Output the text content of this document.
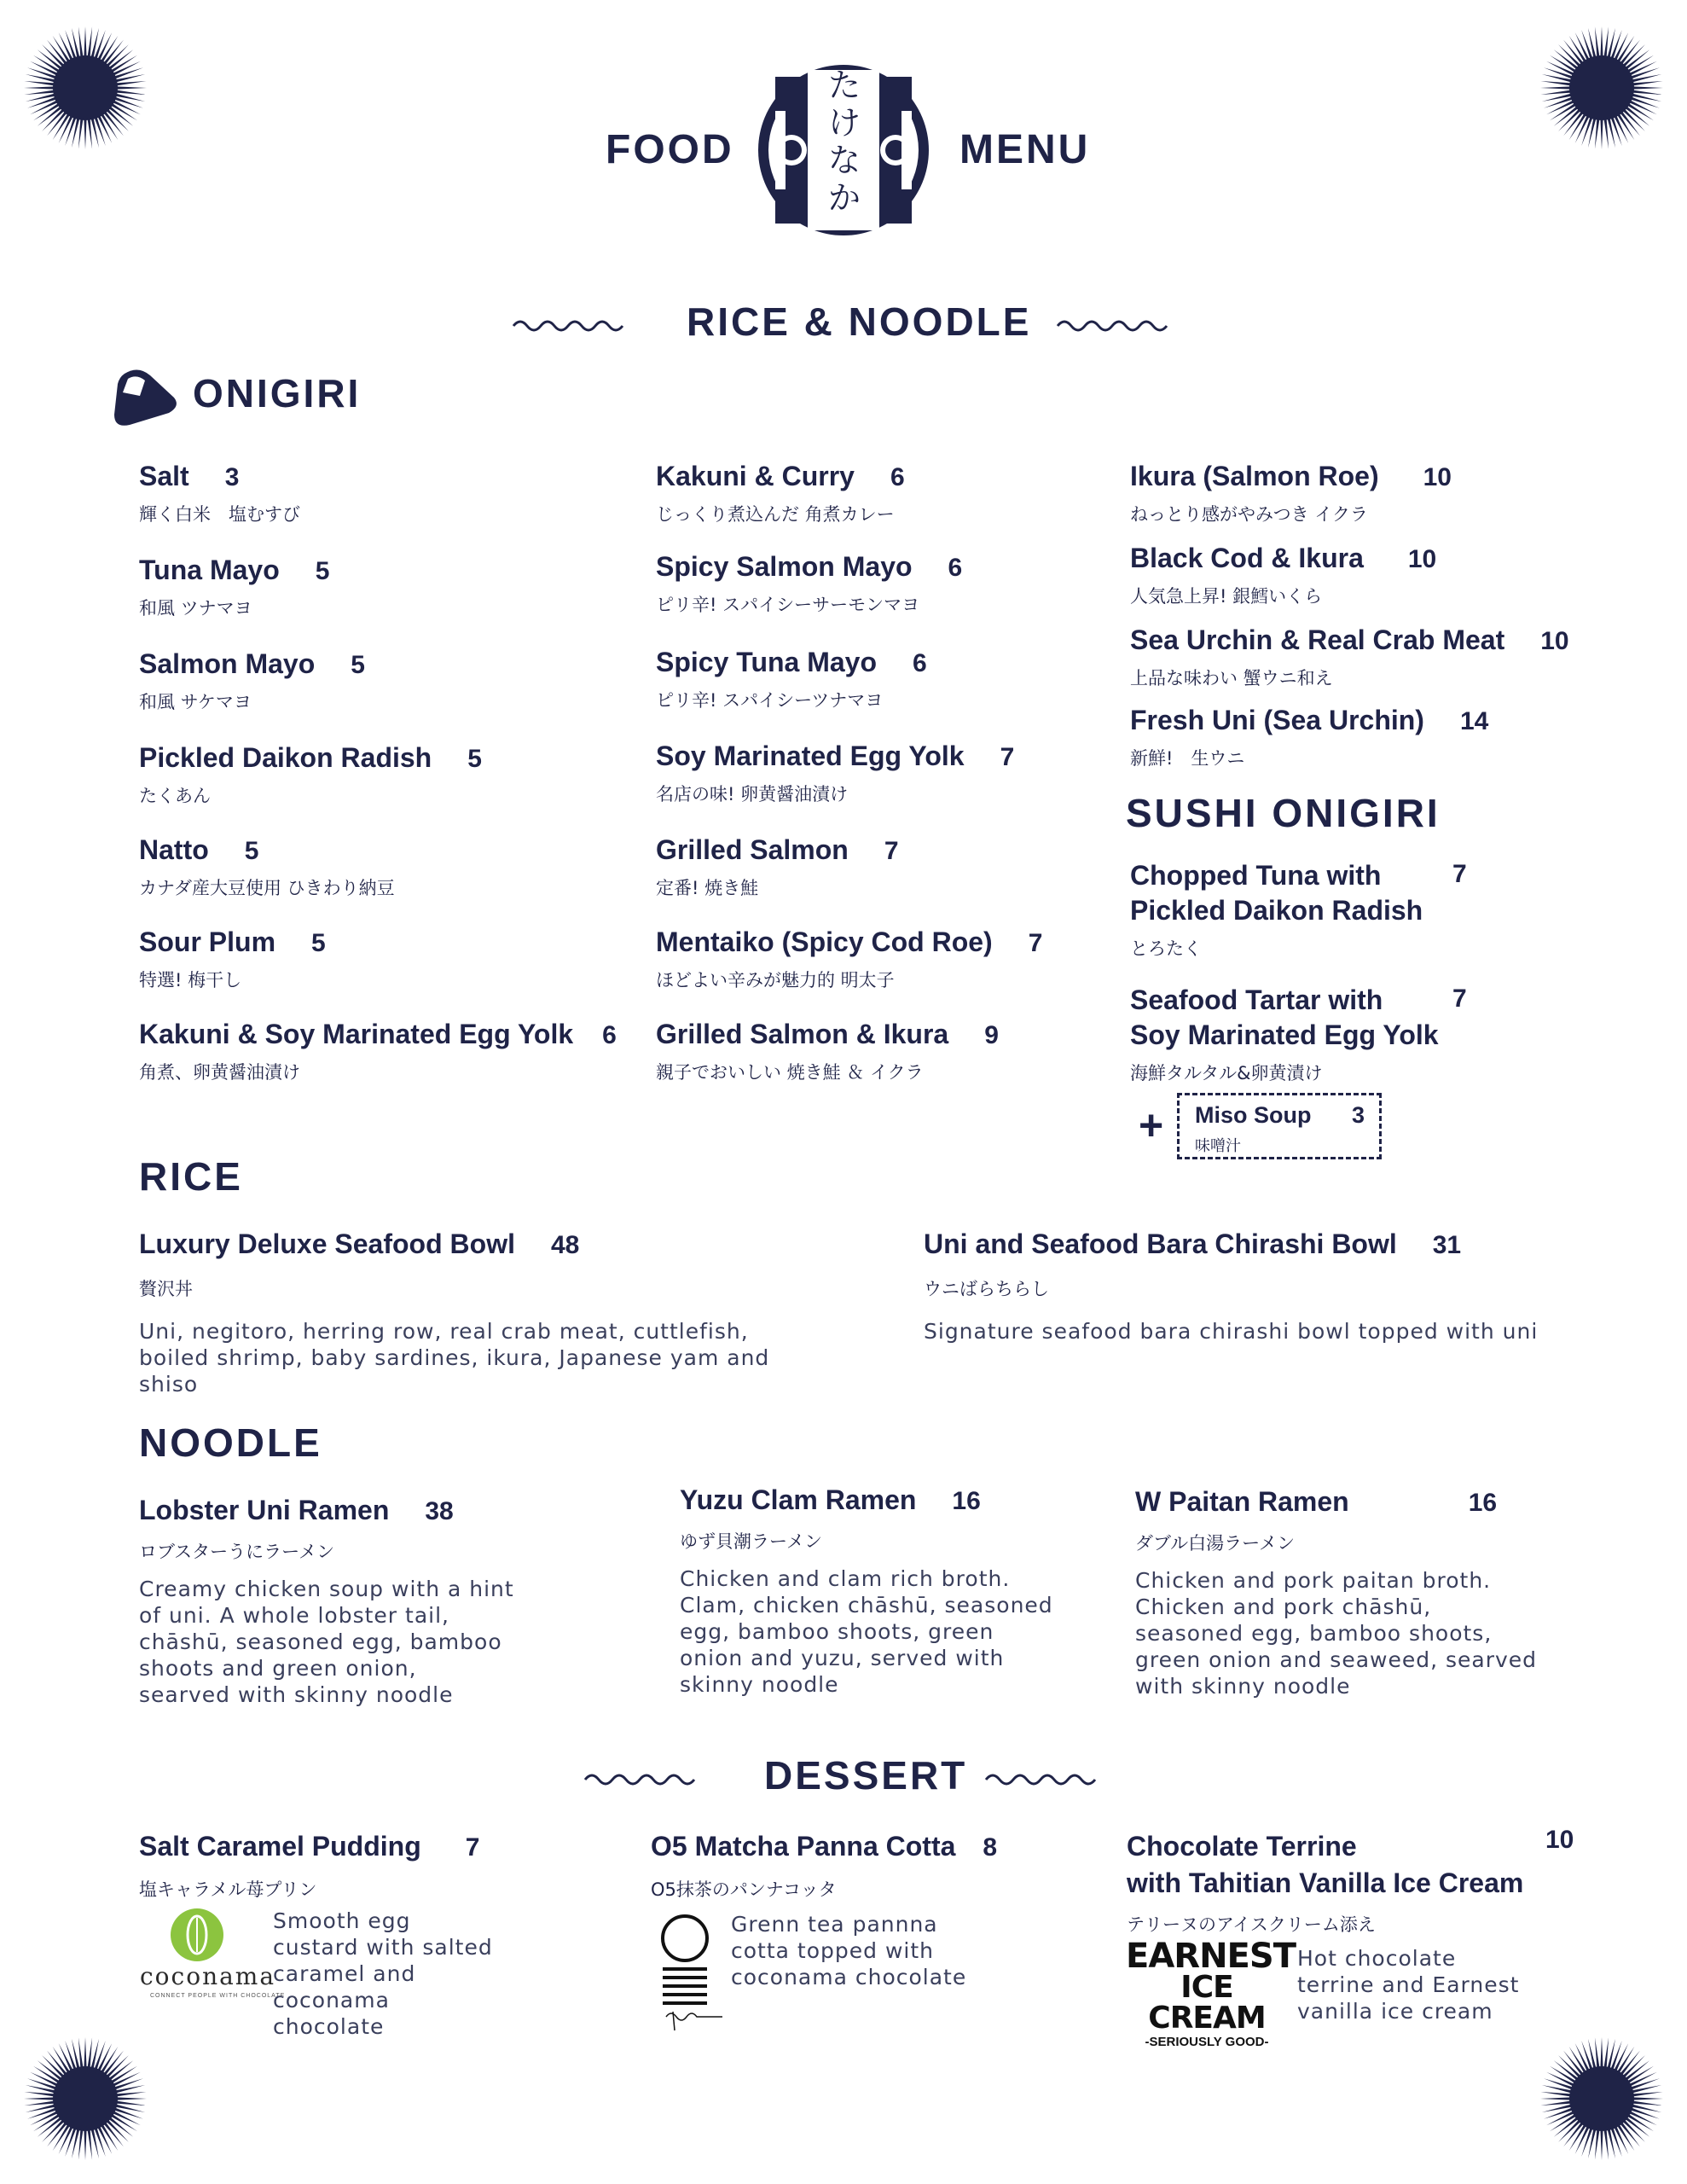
FOOD	MENU
たけなか
RICE & NOODLE
ONIGIRI
Salt 3
輝く白米　塩むすび
Tuna Mayo 5
和風 ツナマヨ
Salmon Mayo 5
和風 サケマヨ
Pickled Daikon Radish 5
たくあん
Natto 5
カナダ産大豆使用 ひきわり納豆
Sour Plum 5
特選! 梅干し
Kakuni & Soy Marinated Egg Yolk 6
角煮、卵黄醤油漬け
Kakuni & Curry 6
じっくり煮込んだ 角煮カレー
Spicy Salmon Mayo 6
ピリ辛! スパイシーサーモンマヨ
Spicy Tuna Mayo 6
ピリ辛! スパイシーツナマヨ
Soy Marinated Egg Yolk 7
名店の味! 卵黄醤油漬け
Grilled Salmon 7
定番! 焼き鮭
Mentaiko (Spicy Cod Roe) 7
ほどよい辛みが魅力的 明太子
Grilled Salmon & Ikura 9
親子でおいしい 焼き鮭 ＆ イクラ
Ikura (Salmon Roe) 10
ねっとり感がやみつき イクラ
Black Cod & Ikura 10
人気急上昇! 銀鱈いくら
Sea Urchin & Real Crab Meat 10
上品な味わい 蟹ウニ和え
Fresh Uni (Sea Urchin) 14
新鮮!　生ウニ
SUSHI ONIGIRI
Chopped Tuna with
Pickled Daikon Radish
とろたく
7
Seafood Tartar with
Soy Marinated Egg Yolk
海鮮タルタル&卵黄漬け
7
+ Miso Soup 3
味噌汁
RICE
Luxury Deluxe Seafood Bowl 48
贅沢丼
Uni, negitoro, herring row, real crab meat, cuttlefish, boiled shrimp, baby sardines, ikura, Japanese yam and shiso
Uni and Seafood Bara Chirashi Bowl 31
ウニばらちらし
Signature seafood bara chirashi bowl topped with uni
NOODLE
Lobster Uni Ramen 38
ロブスターうにラーメン
Creamy chicken soup with a hint of uni. A whole lobster tail, chāshū, seasoned egg, bamboo shoots and green onion, searved with skinny noodle
Yuzu Clam Ramen 16
ゆず貝潮ラーメン
Chicken and clam rich broth. Clam, chicken chāshū, seasoned egg, bamboo shoots, green onion and yuzu, served with skinny noodle
W Paitan Ramen	16
ダブル白湯ラーメン
Chicken and pork paitan broth. Chicken and pork chāshū, seasoned egg, bamboo shoots, green onion and seaweed, searved with skinny noodle
DESSERT
Salt Caramel Pudding 7
塩キャラメル苺プリン
coconama
CONNECT PEOPLE WITH CHOCOLATE
Smooth egg custard with salted caramel and coconama chocolate
O5 Matcha Panna Cotta 8
O5抹茶のパンナコッタ
Grenn tea pannna cotta topped with coconama chocolate
Chocolate Terrine
with Tahitian Vanilla Ice Cream
テリーヌのアイスクリーム添え
10
EARNEST
ICE CREAM
-SERIOUSLY GOOD-
Hot chocolate terrine and Earnest vanilla ice cream
